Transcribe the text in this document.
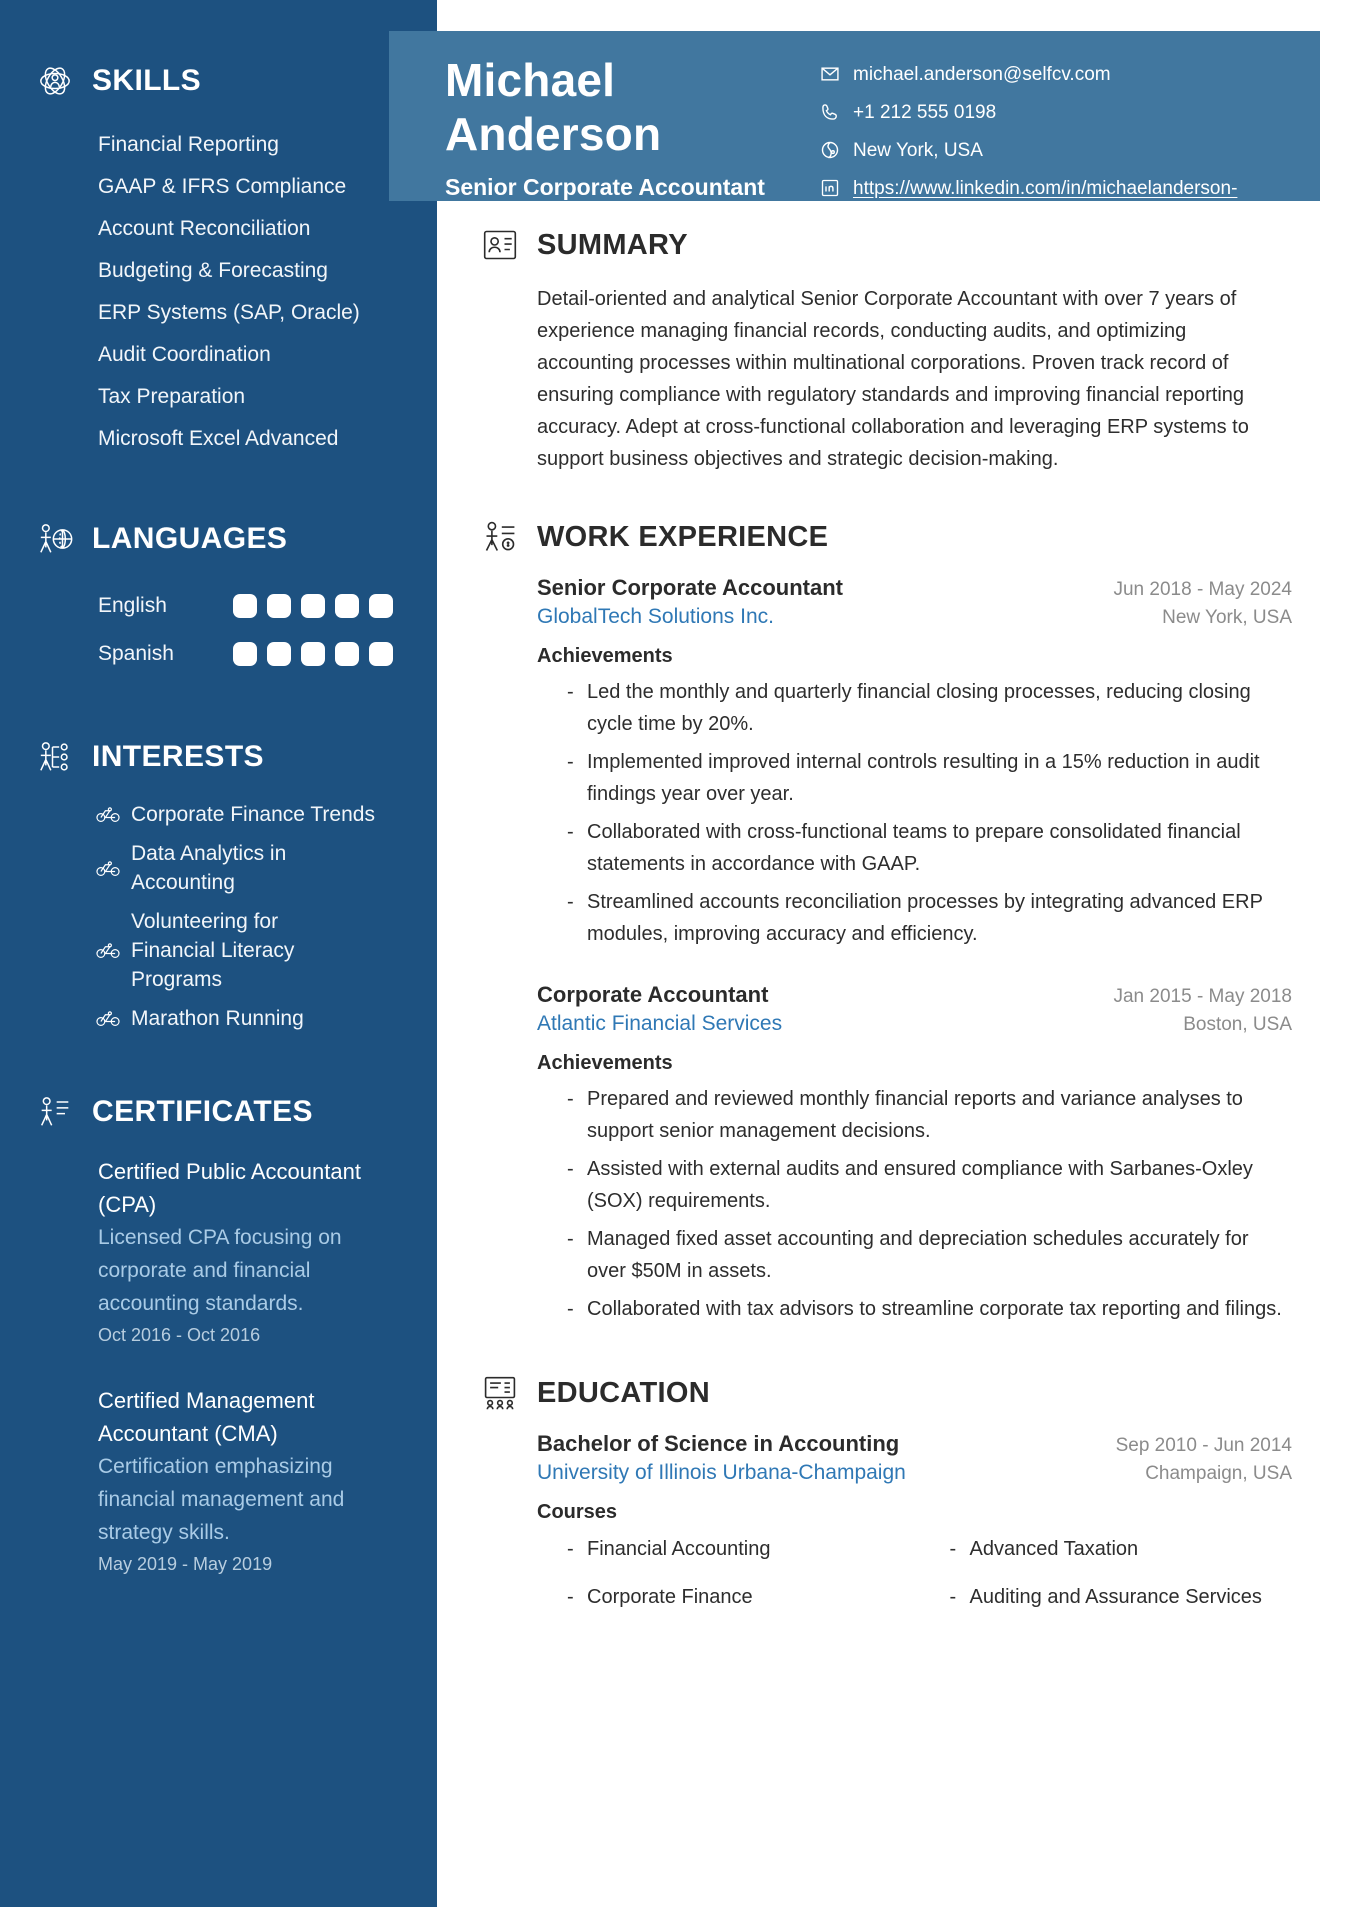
SKILLS
Financial Reporting
GAAP & IFRS Compliance
Account Reconciliation
Budgeting & Forecasting
ERP Systems (SAP, Oracle)
Audit Coordination
Tax Preparation
Microsoft Excel Advanced
LANGUAGES
English
Spanish
INTERESTS
Corporate Finance Trends
Data Analytics in Accounting
Volunteering for Financial Literacy Programs
Marathon Running
CERTIFICATES
Certified Public Accountant (CPA)
Licensed CPA focusing on corporate and financial accounting standards.
Oct 2016 - Oct 2016
Certified Management Accountant (CMA)
Certification emphasizing financial management and strategy skills.
May 2019 - May 2019
Michael
Anderson
Senior Corporate Accountant
michael.anderson@selfcv.com
+1 212 555 0198
New York, USA
https://www.linkedin.com/in/michaelanderson-accounting
SUMMARY

Detail-oriented and analytical Senior Corporate Accountant with over 7 years of experience managing financial records, conducting audits, and optimizing accounting processes within multinational corporations. Proven track record of ensuring compliance with regulatory standards and improving financial reporting accuracy. Adept at cross-functional collaboration and leveraging ERP systems to support business objectives and strategic decision-making.

WORK EXPERIENCE
Senior Corporate Accountant	Jun 2018 - May 2024
GlobalTech Solutions Inc.	New York, USA
Achievements
- Led the monthly and quarterly financial closing processes, reducing closing cycle time by 20%.
- Implemented improved internal controls resulting in a 15% reduction in audit findings year over year.
- Collaborated with cross-functional teams to prepare consolidated financial statements in accordance with GAAP.
- Streamlined accounts reconciliation processes by integrating advanced ERP modules, improving accuracy and efficiency.
Corporate Accountant	Jan 2015 - May 2018
Atlantic Financial Services	Boston, USA
Achievements
- Prepared and reviewed monthly financial reports and variance analyses to support senior management decisions.
- Assisted with external audits and ensured compliance with Sarbanes-Oxley (SOX) requirements.
- Managed fixed asset accounting and depreciation schedules accurately for over $50M in assets.
- Collaborated with tax advisors to streamline corporate tax reporting and filings.
EDUCATION
Bachelor of Science in Accounting	Sep 2010 - Jun 2014
University of Illinois Urbana-Champaign	Champaign, USA
Courses
- Financial Accounting	- Advanced Taxation
- Corporate Finance	- Auditing and Assurance Services
